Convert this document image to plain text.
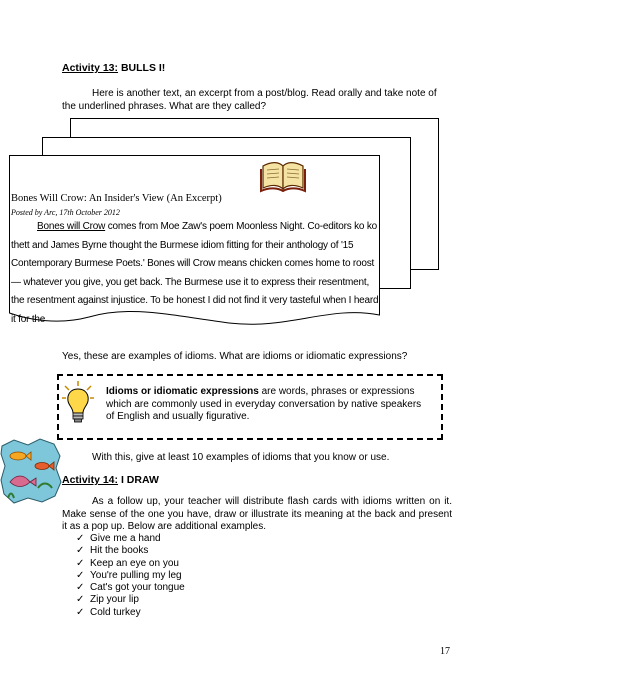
Activity 13: BULLS I!
Here is another text, an excerpt from a post/blog. Read orally and take note of the underlined phrases. What are they called?
Bones Will Crow: An Insider's View (An Excerpt)
Posted by Arc, 17th October 2012
Bones will Crow comes from Moe Zaw's poem Moonless Night. Co-editors ko ko thett and James Byrne thought the Burmese idiom fitting for their anthology of '15 Contemporary Burmese Poets.' Bones will Crow means chicken comes home to roost — whatever you give, you get back. The Burmese use it to express their resentment, the resentment against injustice. To be honest I did not find it very tasteful when I heard it for the
Yes, these are examples of idioms. What are idioms or idiomatic expressions?
Idioms or idiomatic expressions are words, phrases or expressions which are commonly used in everyday conversation by native speakers of English and usually figurative.
With this, give at least 10 examples of idioms that you know or use.
Activity 14: I DRAW
As a follow up, your teacher will distribute flash cards with idioms written on it. Make sense of the one you have, draw or illustrate its meaning at the back and present it as a pop up. Below are additional examples.
✓ Give me a hand
✓ Hit the books
✓ Keep an eye on you
✓ You're pulling my leg
✓ Cat's got your tongue
✓ Zip your lip
✓ Cold turkey
17
